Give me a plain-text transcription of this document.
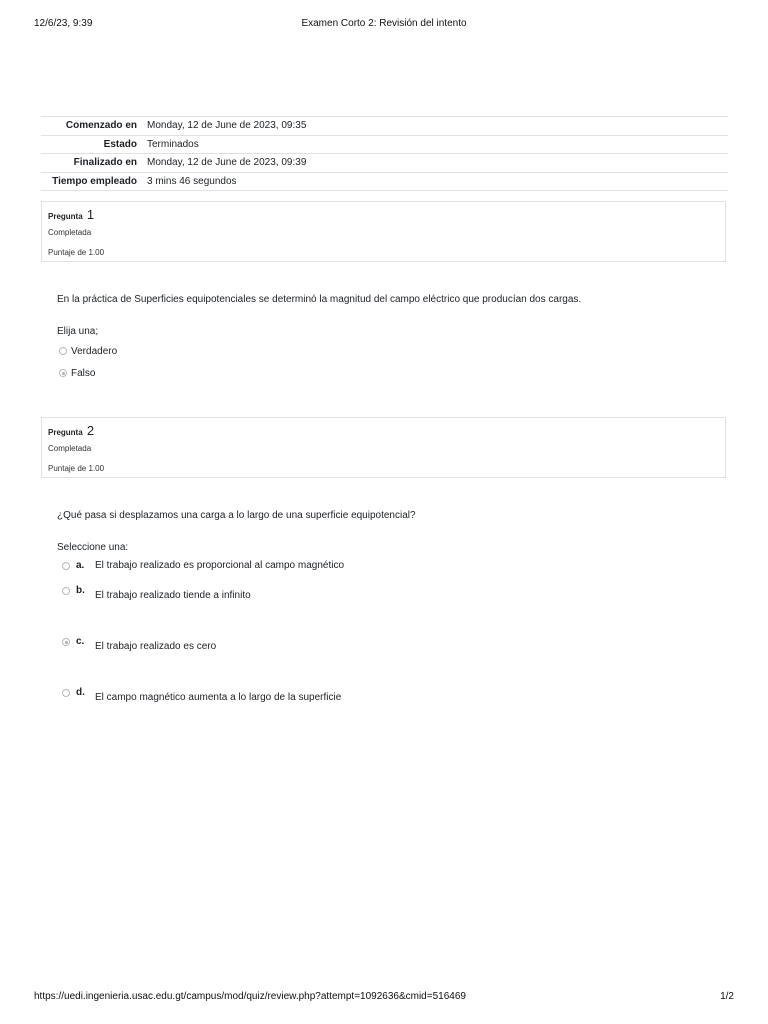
12/6/23, 9:39	Examen Corto 2: Revisión del intento
Comenzado en	Monday, 12 de June de 2023, 09:35
Estado	Terminados
Finalizado en	Monday, 12 de June de 2023, 09:39
Tiempo empleado	3 mins 46 segundos
Pregunta 1
Completada
Puntaje de 1.00
En la práctica de Superficies equipotenciales se determinó la magnitud del campo eléctrico que producían dos cargas.
Elija una;
Verdadero
Falso
Pregunta 2
Completada
Puntaje de 1.00
¿Qué pasa si desplazamos una carga a lo largo de una superficie equipotencial?
Seleccione una:
a. El trabajo realizado es proporcional al campo magnético
b. El trabajo realizado tiende a infinito
c. El trabajo realizado es cero
d. El campo magnético aumenta a lo largo de la superficie
https://uedi.ingenieria.usac.edu.gt/campus/mod/quiz/review.php?attempt=1092636&cmid=516469	1/2
